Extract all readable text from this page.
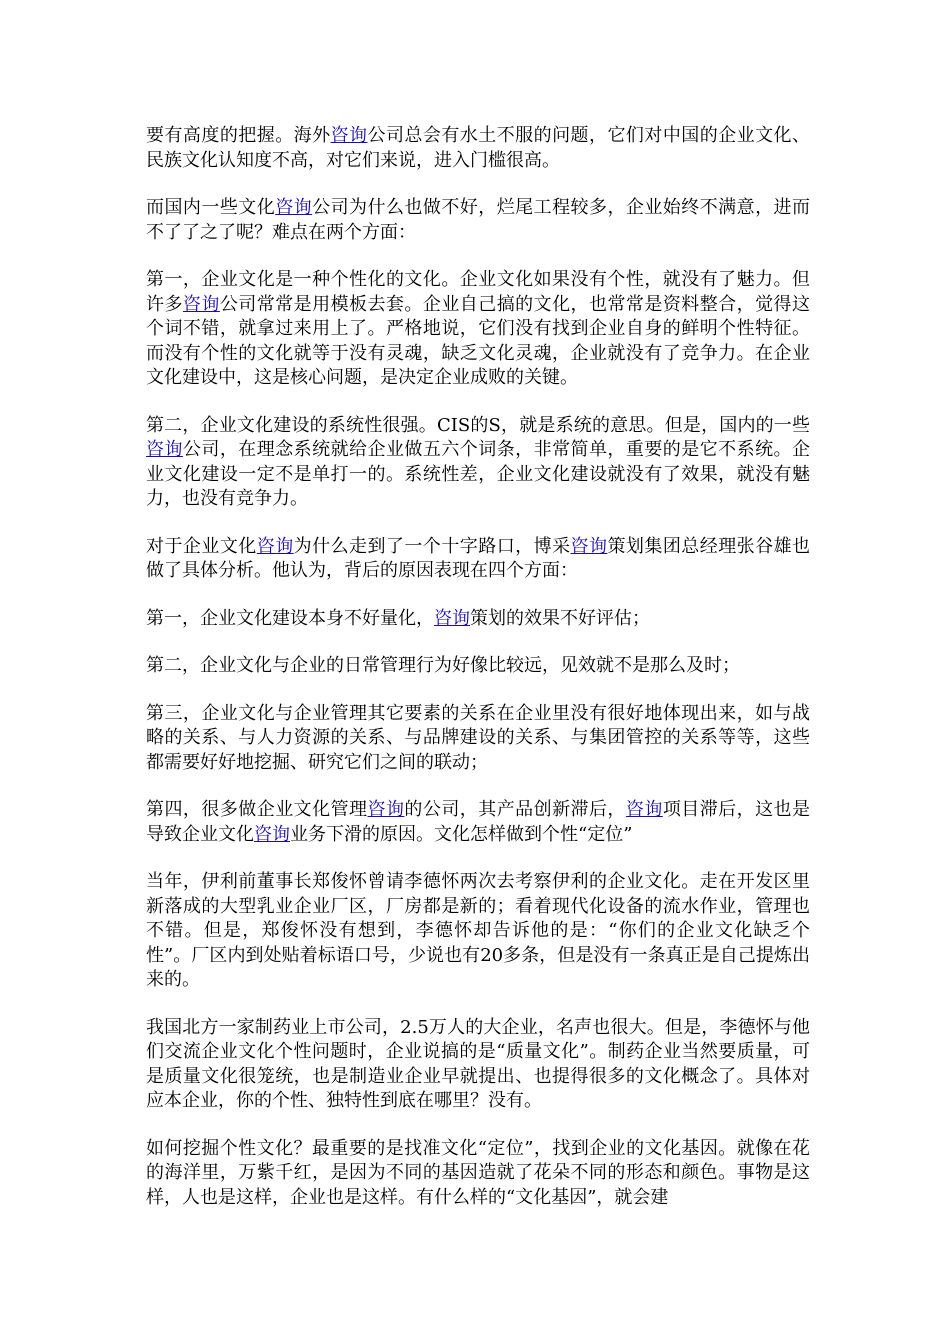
要有高度的把握。海外咨询公司总会有水土不服的问题，它们对中国的企业文化、民族文化认知度不高，对它们来说，进入门槛很高。

而国内一些文化咨询公司为什么也做不好，烂尾工程较多，企业始终不满意，进而不了了之了呢？难点在两个方面：

第一，企业文化是一种个性化的文化。企业文化如果没有个性，就没有了魅力。但许多咨询公司常常是用模板去套。企业自己搞的文化，也常常是资料整合，觉得这个词不错，就拿过来用上了。严格地说，它们没有找到企业自身的鲜明个性特征。而没有个性的文化就等于没有灵魂，缺乏文化灵魂，企业就没有了竞争力。在企业文化建设中，这是核心问题，是决定企业成败的关键。

第二，企业文化建设的系统性很强。CIS的S，就是系统的意思。但是，国内的一些咨询公司，在理念系统就给企业做五六个词条，非常简单，重要的是它不系统。企业文化建设一定不是单打一的。系统性差，企业文化建设就没有了效果，就没有魅力，也没有竞争力。

对于企业文化咨询为什么走到了一个十字路口，博采咨询策划集团总经理张谷雄也做了具体分析。他认为，背后的原因表现在四个方面：

第一，企业文化建设本身不好量化，咨询策划的效果不好评估；

第二，企业文化与企业的日常管理行为好像比较远，见效就不是那么及时；

第三，企业文化与企业管理其它要素的关系在企业里没有很好地体现出来，如与战略的关系、与人力资源的关系、与品牌建设的关系、与集团管控的关系等等，这些都需要好好地挖掘、研究它们之间的联动；

第四，很多做企业文化管理咨询的公司，其产品创新滞后，咨询项目滞后，这也是导致企业文化咨询业务下滑的原因。文化怎样做到个性“定位”

当年，伊利前董事长郑俊怀曾请李德怀两次去考察伊利的企业文化。走在开发区里新落成的大型乳业企业厂区，厂房都是新的；看着现代化设备的流水作业，管理也不错。但是，郑俊怀没有想到，李德怀却告诉他的是：“你们的企业文化缺乏个性”。厂区内到处贴着标语口号，少说也有20多条，但是没有一条真正是自己提炼出来的。

我国北方一家制药业上市公司，2.5万人的大企业，名声也很大。但是，李德怀与他们交流企业文化个性问题时，企业说搞的是“质量文化”。制药企业当然要质量，可是质量文化很笼统，也是制造业企业早就提出、也提得很多的文化概念了。具体对应本企业，你的个性、独特性到底在哪里？没有。

如何挖掘个性文化？最重要的是找准文化“定位”，找到企业的文化基因。就像在花的海洋里，万紫千红，是因为不同的基因造就了花朵不同的形态和颜色。事物是这样，人也是这样，企业也是这样。有什么样的“文化基因”，就会建
